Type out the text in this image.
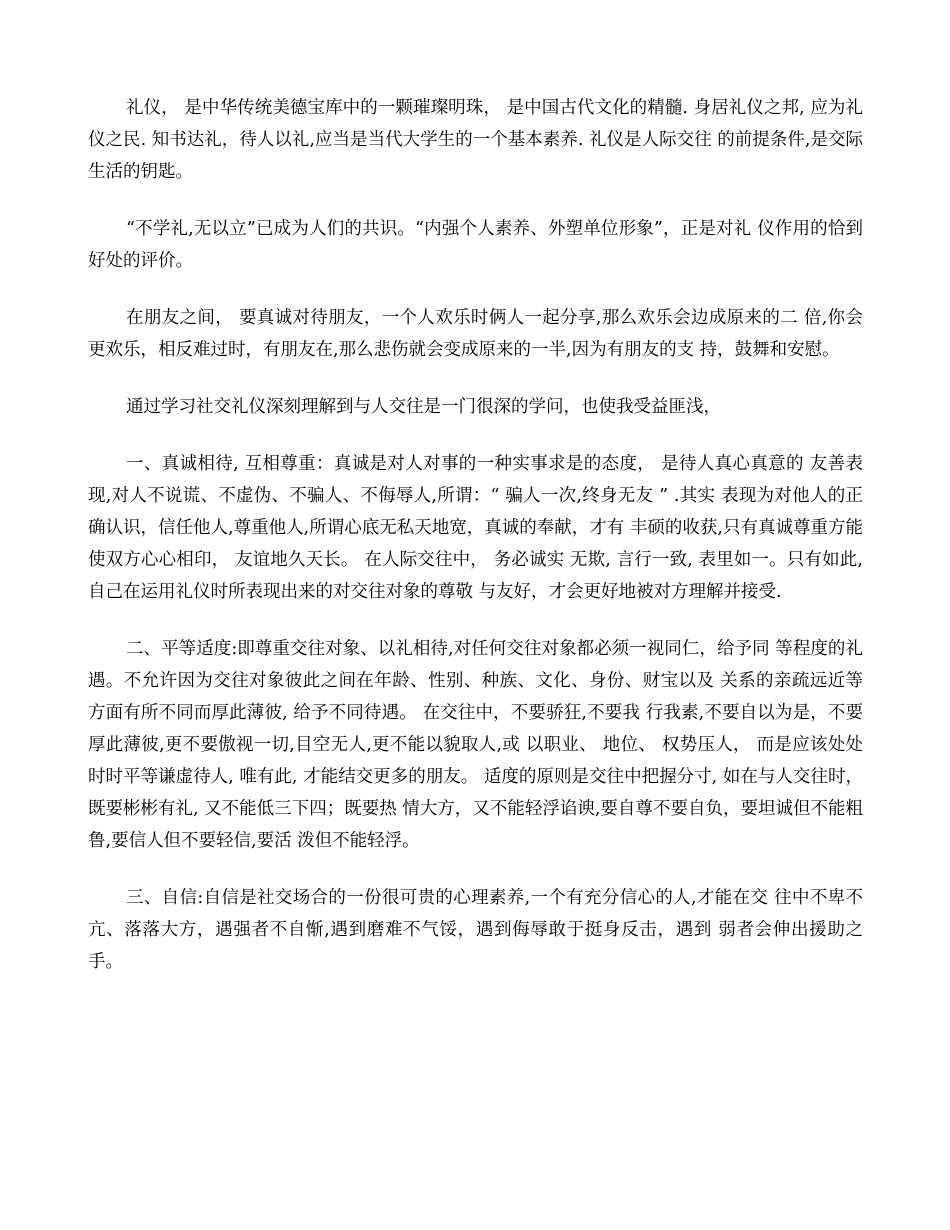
礼仪， 是中华传统美德宝库中的一颗璀璨明珠， 是中国古代文化的精髓. 身居礼仪之邦, 应为礼仪之民. 知书达礼，待人以礼,应当是当代大学生的一个基本素养. 礼仪是人际交往 的前提条件,是交际生活的钥匙。

“不学礼,无以立”已成为人们的共识。“内强个人素养、外塑单位形象”，正是对礼 仪作用的恰到好处的评价。

在朋友之间， 要真诚对待朋友，一个人欢乐时俩人一起分享,那么欢乐会边成原来的二 倍,你会更欢乐，相反难过时，有朋友在,那么悲伤就会变成原来的一半,因为有朋友的支 持，鼓舞和安慰。

通过学习社交礼仪深刻理解到与人交往是一门很深的学问，也使我受益匪浅，

一、真诚相待, 互相尊重：真诚是对人对事的一种实事求是的态度， 是待人真心真意的 友善表现,对人不说谎、不虚伪、不骗人、不侮辱人,所谓：“ 骗人一次,终身无友 ” .其实 表现为对他人的正确认识，信任他人,尊重他人,所谓心底无私天地宽，真诚的奉献，才有 丰硕的收获,只有真诚尊重方能使双方心心相印， 友谊地久天长。 在人际交往中， 务必诚实 无欺, 言行一致, 表里如一。只有如此, 自己在运用礼仪时所表现出来的对交往对象的尊敬 与友好，才会更好地被对方理解并接受.

二、平等适度:即尊重交往对象、以礼相待,对任何交往对象都必须一视同仁，给予同 等程度的礼遇。不允许因为交往对象彼此之间在年龄、性别、种族、文化、身份、财宝以及 关系的亲疏远近等方面有所不同而厚此薄彼, 给予不同待遇。 在交往中，不要骄狂,不要我 行我素,不要自以为是，不要厚此薄彼,更不要傲视一切,目空无人,更不能以貌取人,或 以职业、 地位、 权势压人， 而是应该处处时时平等谦虚待人, 唯有此, 才能结交更多的朋友。 适度的原则是交往中把握分寸, 如在与人交往时， 既要彬彬有礼, 又不能低三下四；既要热 情大方，又不能轻浮谄谀,要自尊不要自负，要坦诚但不能粗鲁,要信人但不要轻信,要活 泼但不能轻浮。

三、自信:自信是社交场合的一份很可贵的心理素养,一个有充分信心的人,才能在交 往中不卑不亢、落落大方，遇强者不自惭,遇到磨难不气馁，遇到侮辱敢于挺身反击，遇到 弱者会伸出援助之手。
